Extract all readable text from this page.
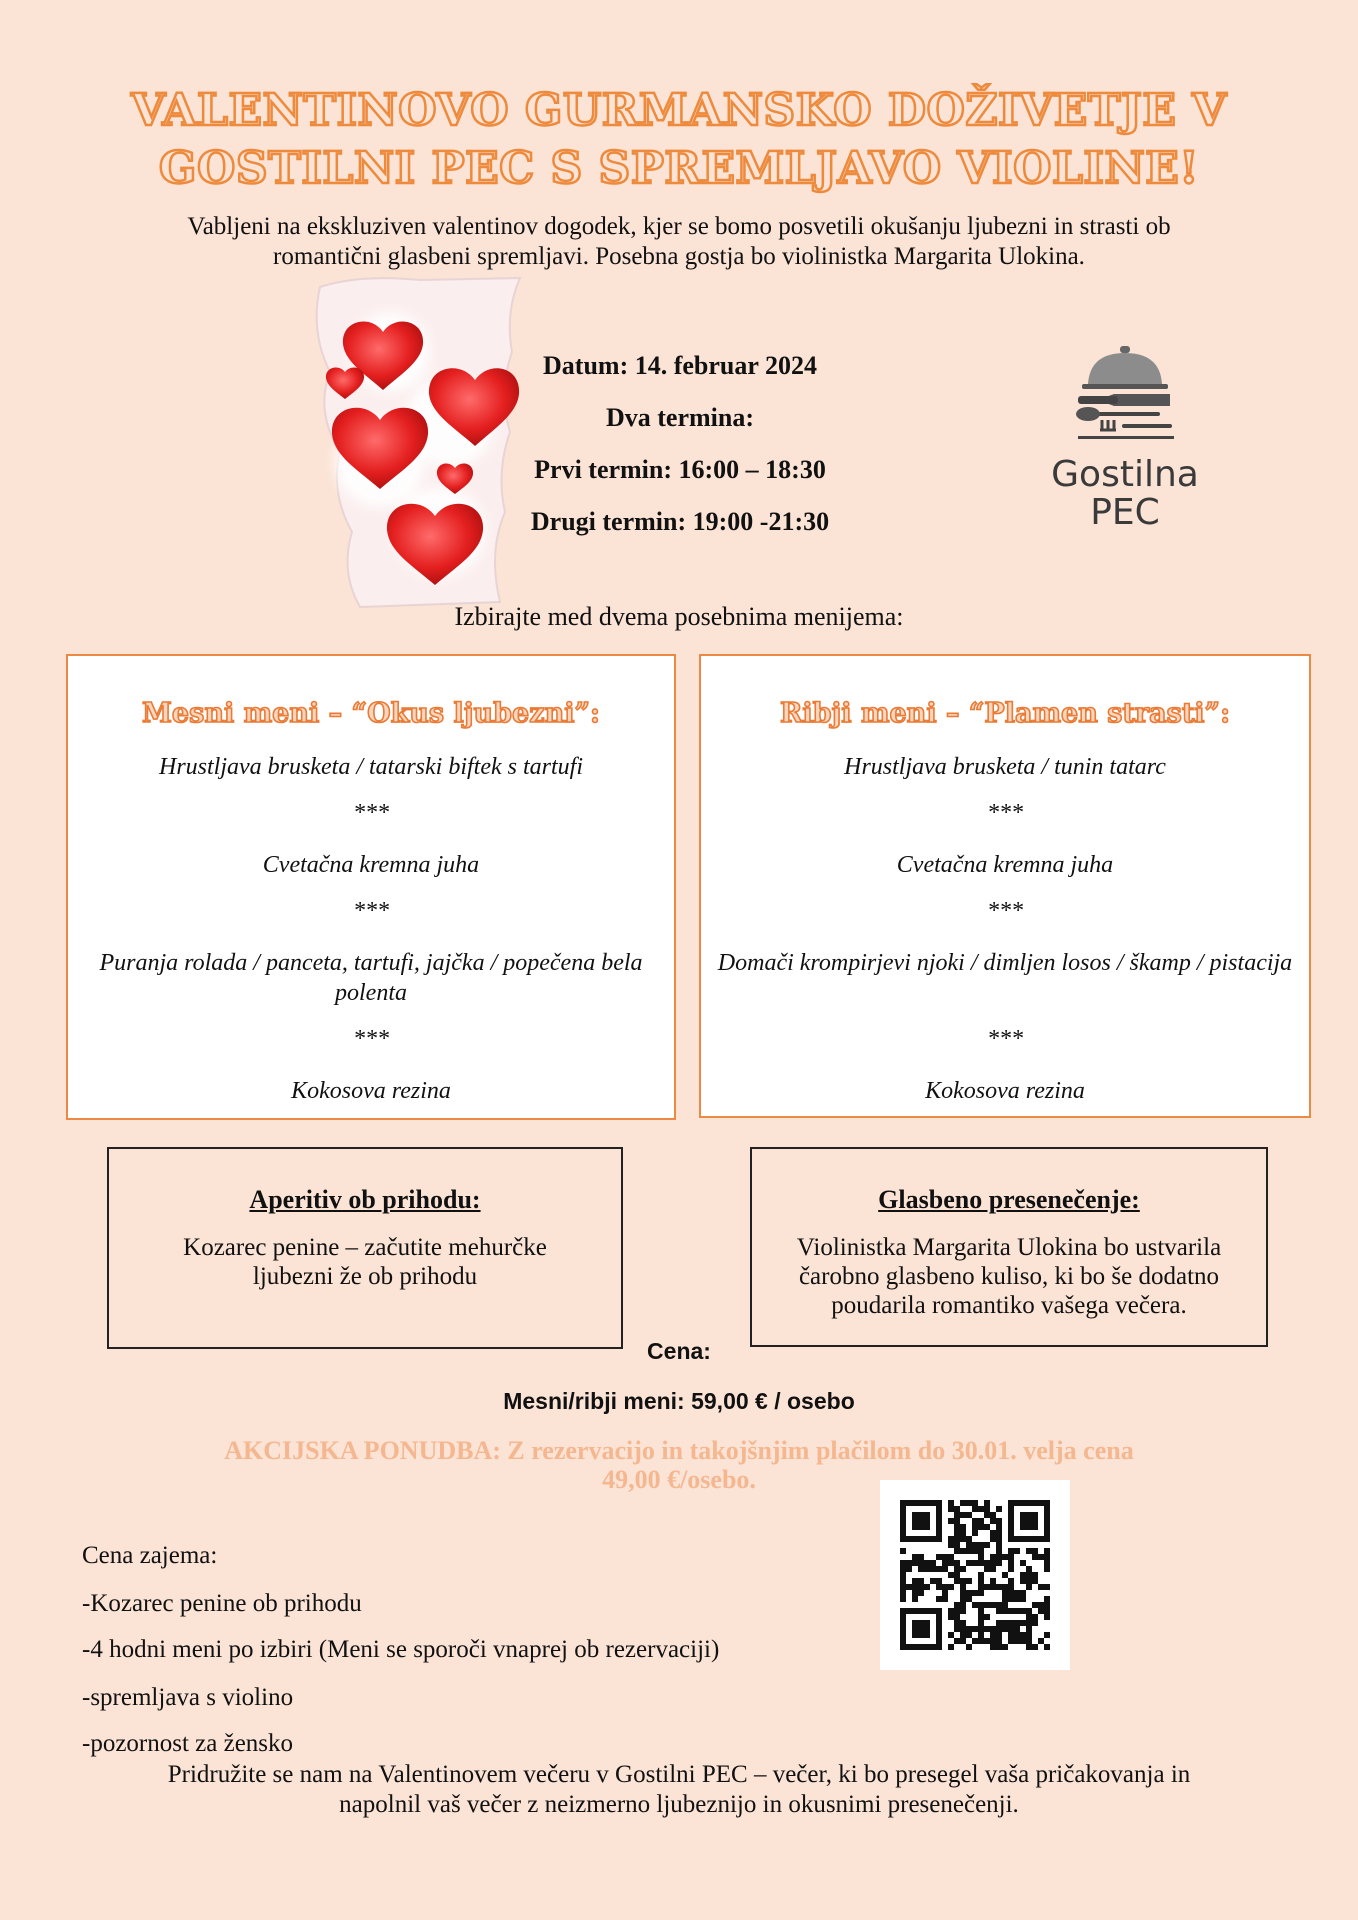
VALENTINOVO GURMANSKO DOŽIVETJE V
GOSTILNI PEC S SPREMLJAVO VIOLINE!
Vabljeni na ekskluziven valentinov dogodek, kjer se bomo posvetili okušanju ljubezni in strasti ob
romantični glasbeni spremljavi. Posebna gostja bo violinistka Margarita Ulokina.
Datum: 14. februar 2024
Dva termina:
Prvi termin: 16:00 – 18:30
Drugi termin: 19:00 -21:30
Gostilna
PEC
Izbirajte med dvema posebnima menijema:
Mesni meni – “Okus ljubezni”:
Hrustljava brusketa / tatarski biftek s tartufi
***
Cvetačna kremna juha
***
Puranja rolada / panceta, tartufi, jajčka / popečena bela
polenta
***
Kokosova rezina
Ribji meni – “Plamen strasti”:
Hrustljava brusketa / tunin tatarc
***
Cvetačna kremna juha
***
Domači krompirjevi njoki / dimljen losos / škamp / pistacija
***
Kokosova rezina
Aperitiv ob prihodu:
Kozarec penine – začutite mehurčke
ljubezni že ob prihodu
Glasbeno presenečenje:
Violinistka Margarita Ulokina bo ustvarila
čarobno glasbeno kuliso, ki bo še dodatno
poudarila romantiko vašega večera.
Cena:
Mesni/ribji meni: 59,00 € / osebo
AKCIJSKA PONUDBA: Z rezervacijo in takojšnjim plačilom do 30.01. velja cena
49,00 €/osebo.
Cena zajema:
-Kozarec penine ob prihodu
-4 hodni meni po izbiri (Meni se sporoči vnaprej ob rezervaciji)
-spremljava s violino
-pozornost za žensko
Pridružite se nam na Valentinovem večeru v Gostilni PEC – večer, ki bo presegel vaša pričakovanja in
napolnil vaš večer z neizmerno ljubeznijo in okusnimi presenečenji.
